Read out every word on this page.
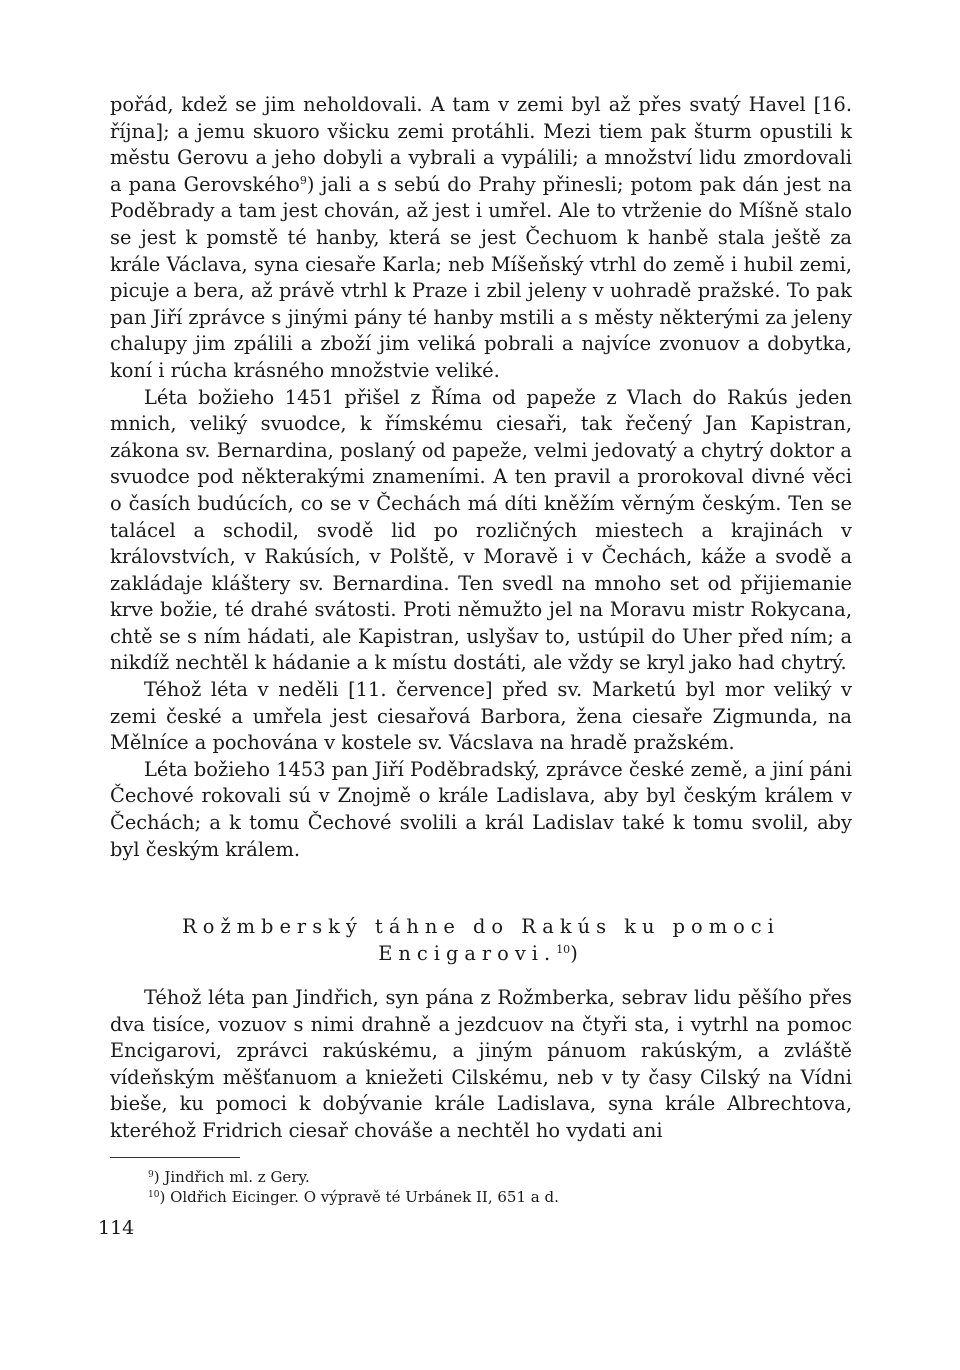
pořád, kdež se jim neholdovali. A tam v zemi byl až přes svatý Havel [16. října]; a jemu skuoro všicku zemi protáhli. Mezi tiem pak šturm opustili k městu Gerovu a jeho dobyli a vybrali a vypálili; a množství lidu zmordovali a pana Gerovského$^9$) jali a s sebú do Prahy přinesli; potom pak dán jest na Poděbrady a tam jest chován, až jest i umřel. Ale to vtrženie do Míšně stalo se jest k pomstě té hanby, která se jest Čechuom k hanbě stala ještě za krále Václava, syna ciesaře Karla; neb Míšeňský vtrhl do země i hubil zemi, picuje a bera, až právě vtrhl k Praze i zbil jeleny v uohradě pražské. To pak pan Jiří zprávce s jinými pány té hanby mstili a s městy některými za jeleny chalupy jim zpálili a zboží jim veliká pobrali a najvíce zvonuov a dobytka, koní i rúcha krásného množstvie veliké.

Léta božieho 1451 přišel z Říma od papeže z Vlach do Rakús jeden mnich, veliký svuodce, k římskému ciesaři, tak řečený Jan Kapistran, zákona sv. Bernardina, poslaný od papeže, velmi jedovatý a chytrý doktor a svuodce pod některakými znameními. A ten pravil a prorokoval divné věci o časích budúcích, co se v Čechách má díti kněžím věrným českým. Ten se talácel a schodil, svodě lid po rozličných miestech a krajinách v královstvích, v Rakúsích, v Polště, v Moravě i v Čechách, káže a svodě a zakládaje kláštery sv. Bernardina. Ten svedl na mnoho set od přijiemanie krve božie, té drahé svátosti. Proti němužto jel na Moravu mistr Rokycana, chtě se s ním hádati, ale Kapistran, uslyšav to, ustúpil do Uher před ním; a nikdíž nechtěl k hádanie a k místu dostáti, ale vždy se kryl jako had chytrý.

Téhož léta v neděli [11. července] před sv. Marketú byl mor veliký v zemi české a umřela jest ciesařová Barbora, žena ciesaře Zigmunda, na Mělníce a pochována v kostele sv. Vácslava na hradě pražském.

Léta božieho 1453 pan Jiří Poděbradský, zprávce české země, a jiní páni Čechové rokovali sú v Znojmě o krále Ladislava, aby byl českým králem v Čechách; a k tomu Čechové svolili a král Ladislav také k tomu svolil, aby byl českým králem.

Rožmberský táhne do Rakús ku pomoci Encigarovi.$^{10}$)

Téhož léta pan Jindřich, syn pána z Rožmberka, sebrav lidu pěšího přes dva tisíce, vozuov s nimi drahně a jezdcuov na čtyři sta, i vytrhl na pomoc Encigarovi, zprávci rakúskému, a jiným pánuom rakúským, a zvláště vídeňským měšťanuom a kniežeti Cilskému, neb v ty časy Cilský na Vídni bieše, ku pomoci k dobývanie krále Ladislava, syna krále Albrechtova, kteréhož Fridrich ciesař chováše a nechtěl ho vydati ani

$^9$) Jindřich ml. z Gery.

$^{10}$) Oldřich Eicinger. O výpravě té Urbánek II, 651 a d.

114
